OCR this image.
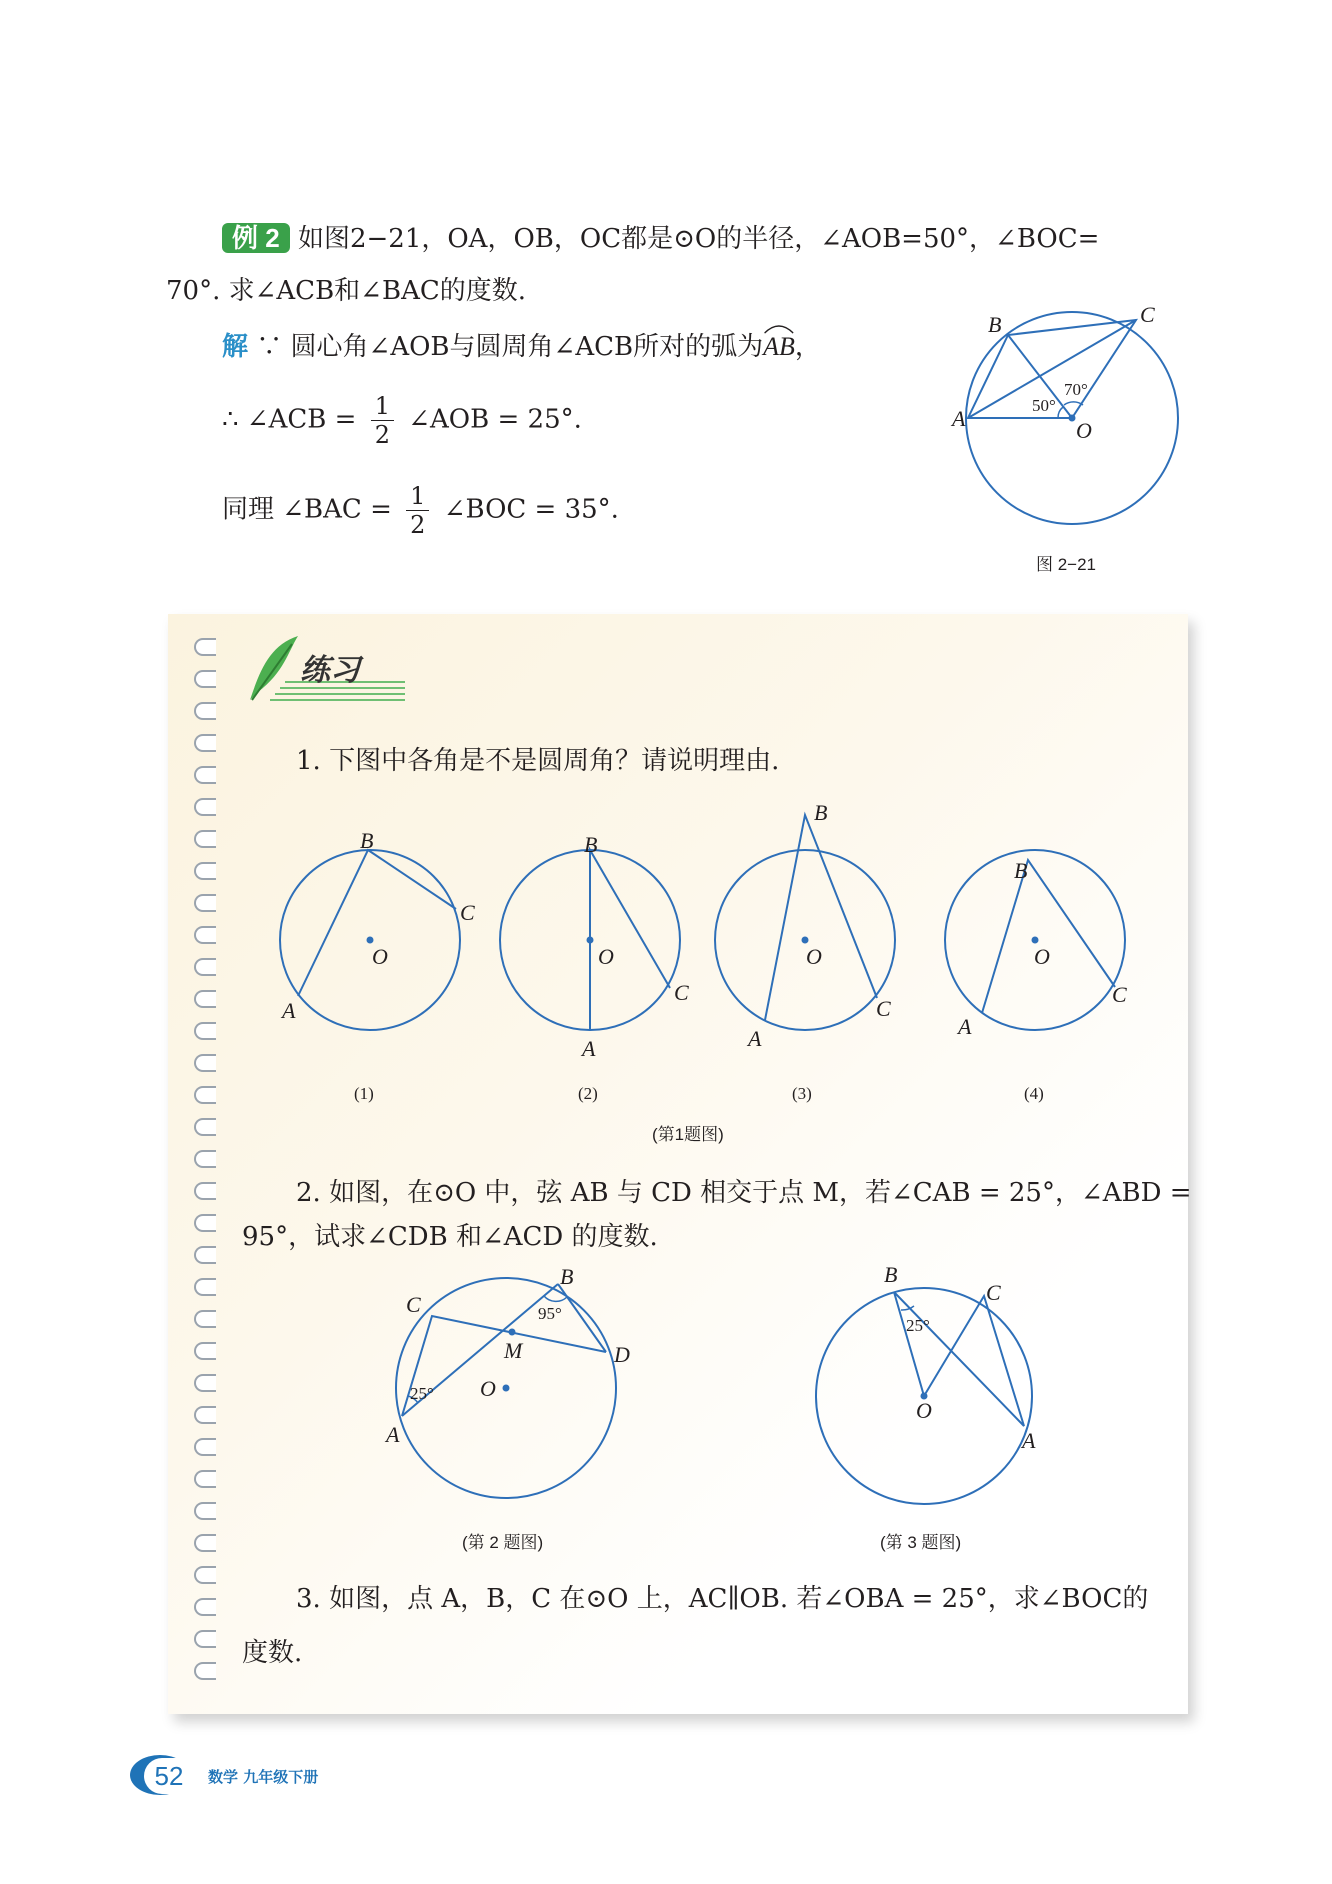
例 2 如图2−21，OA，OB，OC都是⊙O的半径，∠AOB=50°，∠BOC=
70°. 求∠ACB和∠BAC的度数.
解 ∵ 圆心角∠AOB与圆周角∠ACB所对的弧为AB
，
∴ ∠ACB = $\frac{1}{2}$ ∠AOB = 25°.
同理 ∠BAC = $\frac{1}{2}$ ∠BOC = 35°.
B	C
A	O
50°
70°
图 2−21
练习
1. 下图中各角是不是圆周角？请说明理由.
B
C
A
O
B
O
C
A
B
O
C
A
B
O
C
A
(1)	(2)	(3)	(4)
(第1题图)
2. 如图，在⊙O 中，弦 AB 与 CD 相交于点 M，若∠CAB = 25°，∠ABD =
95°，试求∠CDB 和∠ACD 的度数.
C
B
D
M
O
A
95°
25°
(第 2 题图)
B
C
O
A
25°
(第 3 题图)
3. 如图，点 A，B，C 在⊙O 上，AC∥OB. 若∠OBA = 25°，求∠BOC的
度数.
52	数学 九年级下册
